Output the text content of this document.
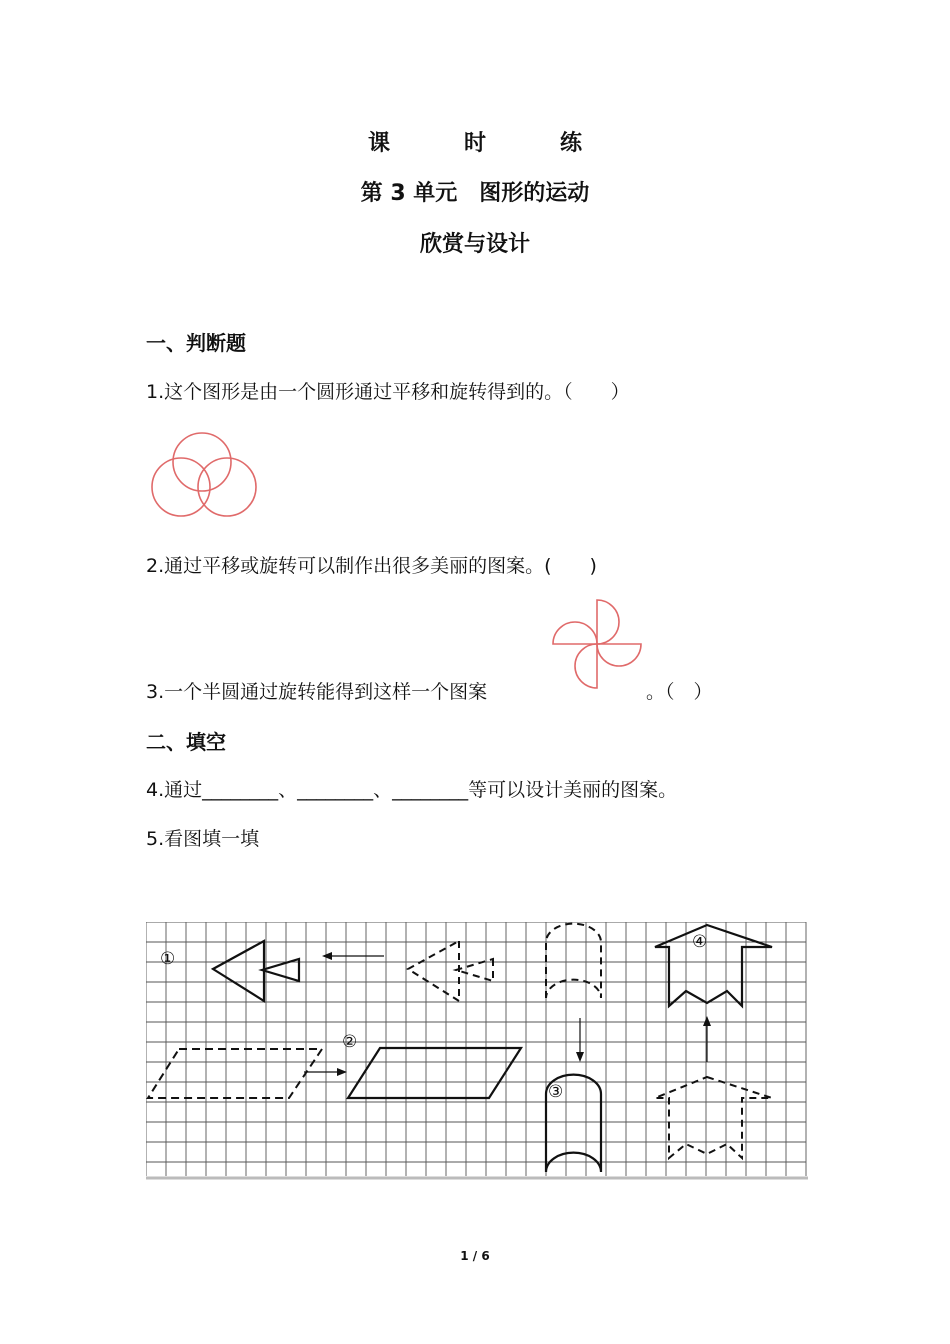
课　时　练
第 3 单元　图形的运动
欣赏与设计
一、判断题
1.这个图形是由一个圆形通过平移和旋转得到的。（　　）
2.通过平移或旋转可以制作出很多美丽的图案。(　　)
3.一个半圆通过旋转能得到这样一个图案	。（　）
二、填空
4.通过________、________、________等可以设计美丽的图案。
5.看图填一填
①
②
③
④
1 / 6
